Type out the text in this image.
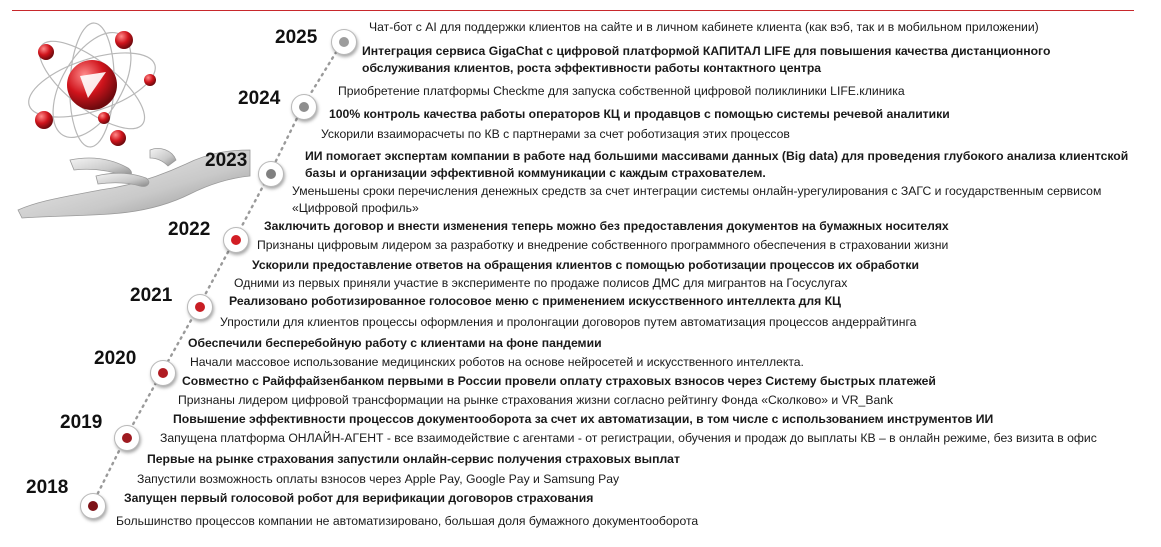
2025
2024
2023
2022
2021
2020
2019
2018
Чат-бот с AI для поддержки клиентов на сайте и в личном кабинете клиента (как вэб, так и в мобильном приложении)
Интеграция сервиса GigaChat с цифровой платформой КАПИТАЛ LIFE для повышения качества дистанционного обслуживания клиентов, роста эффективности работы контактного центра
Приобретение платформы Checkme для запуска собственной цифровой поликлиники LIFE.клиника
100% контроль качества работы операторов КЦ и продавцов с помощью системы речевой аналитики
Ускорили взаиморасчеты по КВ с партнерами за счет роботизация этих процессов
ИИ помогает экспертам компании в работе над большими массивами данных (Big data) для проведения глубокого анализа клиентской базы и организации эффективной коммуникации с каждым страхователем.
Уменьшены сроки перечисления денежных средств за счет интеграции системы онлайн-урегулирования с ЗАГС и государственным сервисом «Цифровой профиль»
Заключить договор и внести изменения теперь можно без предоставления документов на бумажных носителях
Признаны цифровым лидером за разработку и внедрение собственного программного обеспечения в страховании жизни
Ускорили предоставление ответов на обращения клиентов с помощью роботизации процессов их обработки
Одними из первых приняли участие в эксперименте по продаже полисов ДМС для мигрантов на Госуслугах
Реализовано роботизированное голосовое меню с применением искусственного интеллекта для КЦ
Упростили для клиентов процессы оформления и пролонгации договоров путем автоматизация процессов андеррайтинга
Обеспечили бесперебойную работу с клиентами на фоне пандемии
Начали массовое использование медицинских роботов на основе нейросетей и искусственного интеллекта.
Совместно с Райффайзенбанком первыми в России провели оплату страховых взносов через Систему быстрых платежей
Признаны лидером цифровой трансформации на рынке страхования жизни согласно рейтингу Фонда «Сколково» и VR_Bank
Повышение эффективности процессов документооборота за счет их автоматизации, в том числе с использованием инструментов ИИ
Запущена платформа ОНЛАЙН-АГЕНТ - все взаимодействие с агентами - от регистрации, обучения и продаж до выплаты КВ – в онлайн режиме, без визита в офис
Первые на рынке страхования запустили онлайн-сервис получения страховых выплат
Запустили возможность оплаты взносов через Apple Pay, Google Pay и Samsung Pay
Запущен первый голосовой робот для верификации договоров страхования
Большинство процессов компании не автоматизировано, большая доля бумажного документооборота
